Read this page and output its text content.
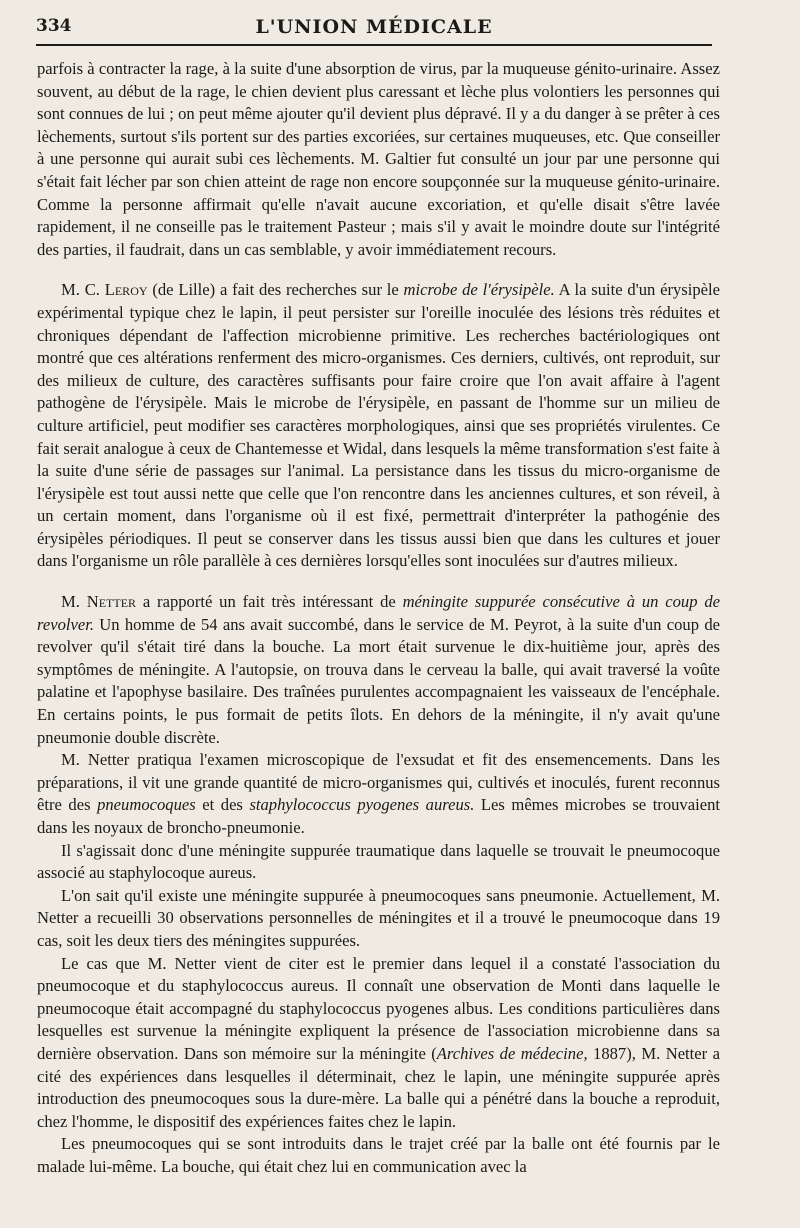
334	L'UNION MÉDICALE

parfois à contracter la rage, à la suite d'une absorption de virus, par la muqueuse génito-urinaire. Assez souvent, au début de la rage, le chien devient plus caressant et lèche plus volontiers les personnes qui sont connues de lui ; on peut même ajouter qu'il devient plus dépravé. Il y a du danger à se prêter à ces lèchements, surtout s'ils portent sur des parties excoriées, sur certaines muqueuses, etc. Que conseiller à une personne qui aurait subi ces lèchements. M. Galtier fut consulté un jour par une personne qui s'était fait lécher par son chien atteint de rage non encore soupçonnée sur la muqueuse génito-urinaire. Comme la personne affirmait qu'elle n'avait aucune excoriation, et qu'elle disait s'être lavée rapidement, il ne conseille pas le traitement Pasteur ; mais s'il y avait le moindre doute sur l'intégrité des parties, il faudrait, dans un cas semblable, y avoir immédiatement recours.

M. C. Leroy (de Lille) a fait des recherches sur le microbe de l'érysipèle. A la suite d'un érysipèle expérimental typique chez le lapin, il peut persister sur l'oreille inoculée des lésions très réduites et chroniques dépendant de l'affection microbienne primitive. Les recherches bactériologiques ont montré que ces altérations renferment des micro-organismes. Ces derniers, cultivés, ont reproduit, sur des milieux de culture, des caractères suffisants pour faire croire que l'on avait affaire à l'agent pathogène de l'érysipèle. Mais le microbe de l'érysipèle, en passant de l'homme sur un milieu de culture artificiel, peut modifier ses caractères morphologiques, ainsi que ses propriétés virulentes. Ce fait serait analogue à ceux de Chantemesse et Widal, dans lesquels la même transformation s'est faite à la suite d'une série de passages sur l'animal. La persistance dans les tissus du micro-organisme de l'érysipèle est tout aussi nette que celle que l'on rencontre dans les anciennes cultures, et son réveil, à un certain moment, dans l'organisme où il est fixé, permettrait d'interpréter la pathogénie des érysipèles périodiques. Il peut se conserver dans les tissus aussi bien que dans les cultures et jouer dans l'organisme un rôle parallèle à ces dernières lorsqu'elles sont inoculées sur d'autres milieux.

M. Netter a rapporté un fait très intéressant de méningite suppurée consécutive à un coup de revolver. Un homme de 54 ans avait succombé, dans le service de M. Peyrot, à la suite d'un coup de revolver qu'il s'était tiré dans la bouche. La mort était survenue le dix-huitième jour, après des symptômes de méningite. A l'autopsie, on trouva dans le cerveau la balle, qui avait traversé la voûte palatine et l'apophyse basilaire. Des traînées purulentes accompagnaient les vaisseaux de l'encéphale. En certains points, le pus formait de petits îlots. En dehors de la méningite, il n'y avait qu'une pneumonie double discrète.

M. Netter pratiqua l'examen microscopique de l'exsudat et fit des ensemencements. Dans les préparations, il vit une grande quantité de micro-organismes qui, cultivés et inoculés, furent reconnus être des pneumocoques et des staphylococcus pyogenes aureus. Les mêmes microbes se trouvaient dans les noyaux de broncho-pneumonie.

Il s'agissait donc d'une méningite suppurée traumatique dans laquelle se trouvait le pneumocoque associé au staphylocoque aureus.

L'on sait qu'il existe une méningite suppurée à pneumocoques sans pneumonie. Actuellement, M. Netter a recueilli 30 observations personnelles de méningites et il a trouvé le pneumocoque dans 19 cas, soit les deux tiers des méningites suppurées.

Le cas que M. Netter vient de citer est le premier dans lequel il a constaté l'association du pneumocoque et du staphylococcus aureus. Il connaît une observation de Monti dans laquelle le pneumocoque était accompagné du staphylococcus pyogenes albus. Les conditions particulières dans lesquelles est survenue la méningite expliquent la présence de l'association microbienne dans sa dernière observation. Dans son mémoire sur la méningite (Archives de médecine, 1887), M. Netter a cité des expériences dans lesquelles il déterminait, chez le lapin, une méningite suppurée après introduction des pneumocoques sous la dure-mère. La balle qui a pénétré dans la bouche a reproduit, chez l'homme, le dispositif des expériences faites chez le lapin.

Les pneumocoques qui se sont introduits dans le trajet créé par la balle ont été fournis par le malade lui-même. La bouche, qui était chez lui en communication avec la
